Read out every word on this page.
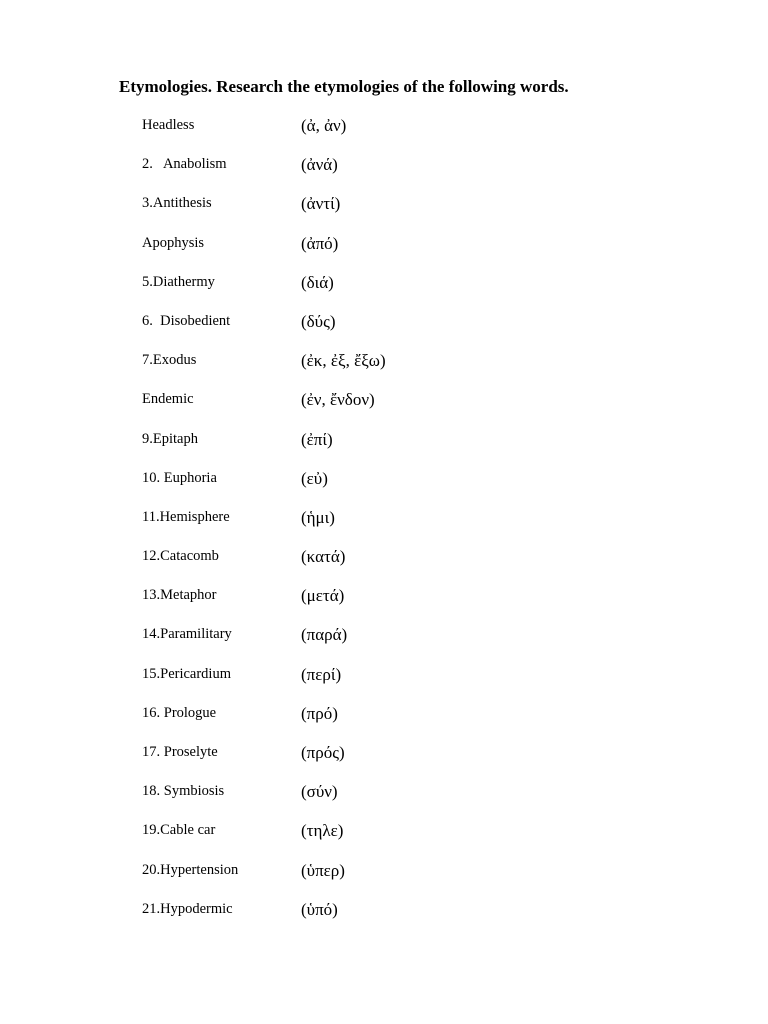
Etymologies. Research the etymologies of the following words.
Headless	(ἀ, ἀν)
2.   Anabolism	(ἀνά)
3.Antithesis	(ἀντί)
Apophysis	(ἀπό)
5.Diathermy	(διά)
6.  Disobedient	(δύς)
7.Exodus	(ἐκ, ἐξ, ἔξω)
Endemic	(ἐν, ἔνδον)
9.Epitaph	(ἐπί)
10. Euphoria	(εὐ)
11.Hemisphere	(ἡμι)
12.Catacomb	(κατά)
13.Metaphor	(μετά)
14.Paramilitary	(παρά)
15.Pericardium	(περί)
16. Prologue	(πρό)
17. Proselyte	(πρός)
18. Symbiosis	(σύν)
19.Cable car	(τηλε)
20.Hypertension	(ὑπερ)
21.Hypodermic	(ὑπό)
